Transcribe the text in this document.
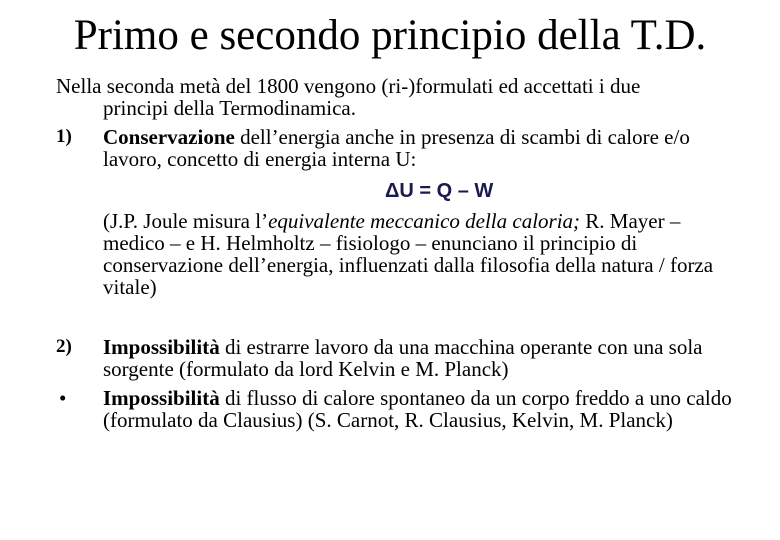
Primo e secondo principio della T.D.
Nella seconda metà del 1800 vengono (ri-)formulati ed accettati i due
principi della Termodinamica.
1) Conservazione dell’energia anche in presenza di scambi di calore e/o lavoro, concetto di energia interna U:
ΔU = Q – W
(J.P. Joule misura l’equivalente meccanico della caloria; R. Mayer – medico – e H. Helmholtz – fisiologo – enunciano il principio di conservazione dell’energia, influenzati dalla filosofia della natura / forza vitale)
2) Impossibilità di estrarre lavoro da una macchina operante con una sola sorgente (formulato da lord Kelvin e M. Planck)
• Impossibilità di flusso di calore spontaneo da un corpo freddo a uno caldo (formulato da Clausius) (S. Carnot, R. Clausius, Kelvin, M. Planck)
